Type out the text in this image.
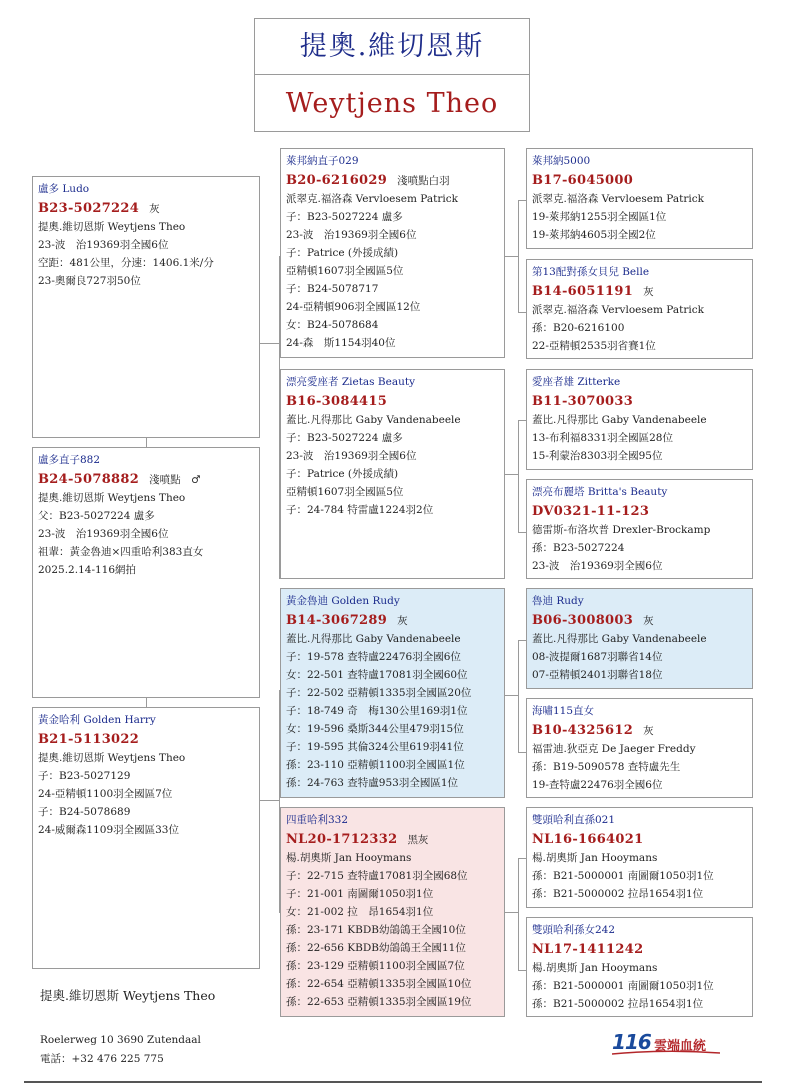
提奧.維切恩斯
Weytjens Theo
盧多 Ludo
B23-5027224 灰
提奧.維切恩斯 Weytjens Theo
23-波　治19369羽全國6位
空距：481公里，分速：1406.1米/分
23-奧爾良727羽50位
盧多直子882
B24-5078882 淺噴點　♂
提奧.維切恩斯 Weytjens Theo
父：B23-5027224 盧多
23-波　治19369羽全國6位
祖輩：黃金魯迪×四重哈利383直女
2025.2.14-116網拍
黃金哈利 Golden Harry
B21-5113022
提奧.維切恩斯 Weytjens Theo
子：B23-5027129
24-亞精頓1100羽全國區7位
子：B24-5078689
24-威爾森1109羽全國區33位
萊邦納直子029
B20-6216029 淺噴點白羽
派翠克.福洛森 Vervloesem Patrick
子：B23-5027224 盧多
23-波　治19369羽全國6位
子：Patrice (外援成績)
亞精頓1607羽全國區5位
子：B24-5078717
24-亞精頓906羽全國區12位
女：B24-5078684
24-森　斯1154羽40位
漂亮愛座者 Zietas Beauty
B16-3084415
蓋比.凡得那比 Gaby Vandenabeele
子：B23-5027224 盧多
23-波　治19369羽全國6位
子：Patrice (外援成績)
亞精頓1607羽全國區5位
子：24-784 特雷盧1224羽2位
黃金魯迪 Golden Rudy
B14-3067289 灰
蓋比.凡得那比 Gaby Vandenabeele
子：19-578 查特盧22476羽全國6位
女：22-501 查特盧17081羽全國60位
子：22-502 亞精頓1335羽全國區20位
子：18-749 奇　梅130公里169羽1位
女：19-596 桑斯344公里479羽15位
子：19-595 其倫324公里619羽41位
孫：23-110 亞精頓1100羽全國區1位
孫：24-763 查特盧953羽全國區1位
四重哈利332
NL20-1712332 黑灰
楊.胡奧斯 Jan Hooymans
子：22-715 查特盧17081羽全國68位
子：21-001 南圖爾1050羽1位
女：21-002 拉　昂1654羽1位
孫：23-171 KBDB幼鴿鴿王全國10位
孫：22-656 KBDB幼鴿鴿王全國11位
孫：23-129 亞精頓1100羽全國區7位
孫：22-654 亞精頓1335羽全國區10位
孫：22-653 亞精頓1335羽全國區19位
萊邦納5000
B17-6045000
派翠克.福洛森 Vervloesem Patrick
19-萊邦納1255羽全國區1位
19-萊邦納4605羽全國2位
第13配對孫女貝兒 Belle
B14-6051191 灰
派翠克.福洛森 Vervloesem Patrick
孫：B20-6216100
22-亞精頓2535羽省賽1位
愛座者雄 Zitterke
B11-3070033
蓋比.凡得那比 Gaby Vandenabeele
13-布利福8331羽全國區28位
15-利蒙治8303羽全國95位
漂亮布麗塔 Britta's Beauty
DV0321-11-123
德雷斯-布洛坎普 Drexler-Brockamp
孫：B23-5027224
23-波　治19369羽全國6位
魯迪 Rudy
B06-3008003 灰
蓋比.凡得那比 Gaby Vandenabeele
08-波提爾1687羽聯省14位
07-亞精頓2401羽聯省18位
海嘯115直女
B10-4325612 灰
福雷迪.狄亞克 De Jaeger Freddy
孫：B19-5090578 查特盧先生
19-查特盧22476羽全國6位
雙頭哈利直孫021
NL16-1664021
楊.胡奧斯 Jan Hooymans
孫：B21-5000001 南圖爾1050羽1位
孫：B21-5000002 拉昂1654羽1位
雙頭哈利孫女242
NL17-1411242
楊.胡奧斯 Jan Hooymans
孫：B21-5000001 南圖爾1050羽1位
孫：B21-5000002 拉昂1654羽1位
提奧.維切恩斯 Weytjens Theo
Roelerweg 10 3690 Zutendaal
電話：+32 476 225 775
116 雲端血統
